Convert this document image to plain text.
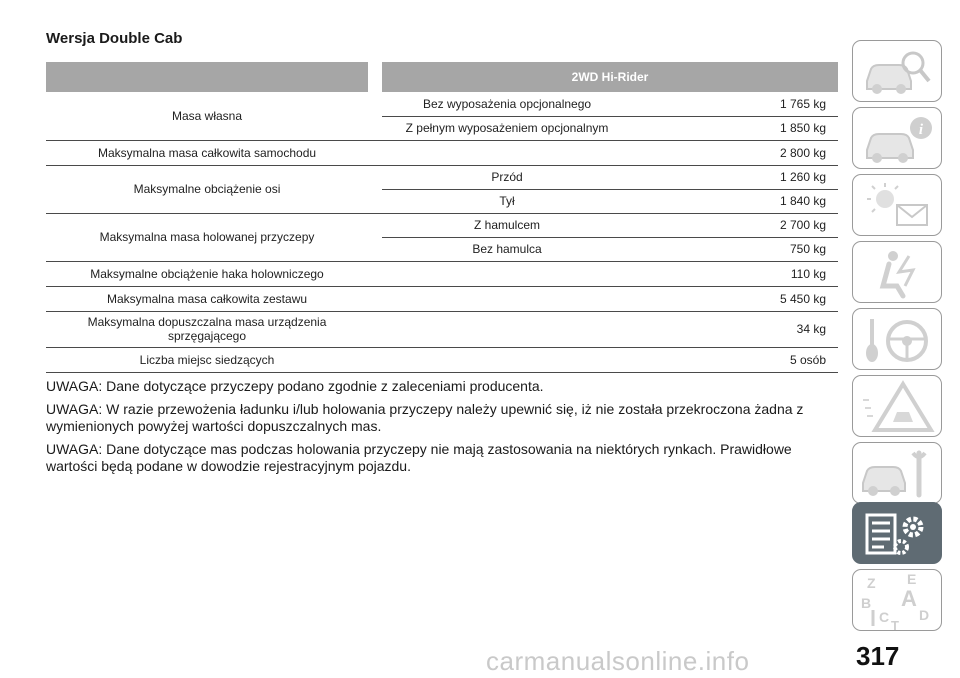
Wersja Double Cab
		2WD Hi-Rider	
Masa własna		Bez wyposażenia opcjonalnego	1 765 kg
		Z pełnym wyposażeniem opcjonalnym	1 850 kg
Maksymalna masa całkowita samochodu			2 800 kg
Maksymalne obciążenie osi		Przód	1 260 kg
		Tył	1 840 kg
Maksymalna masa holowanej przyczepy		Z hamulcem	2 700 kg
		Bez hamulca	750 kg
Maksymalne obciążenie haka holowniczego			110 kg
Maksymalna masa całkowita zestawu			5 450 kg
Maksymalna dopuszczalna masa urządzenia
sprzęgającego			34 kg
Liczba miejsc siedzących			5 osób

UWAGA: Dane dotyczące przyczepy podano zgodnie z zaleceniami producenta.

UWAGA: W razie przewożenia ładunku i/lub holowania przyczepy należy upewnić się, iż nie została przekroczona żadna z wymienionych powyżej wartości dopuszczalnych mas.

UWAGA: Dane dotyczące mas podczas holowania przyczepy nie mają zastosowania na niektórych rynkach. Prawidłowe wartości będą podane w dowodzie rejestracyjnym pojazdu.

i
Z E
B A
C D
T
carmanualsonline.info	317
